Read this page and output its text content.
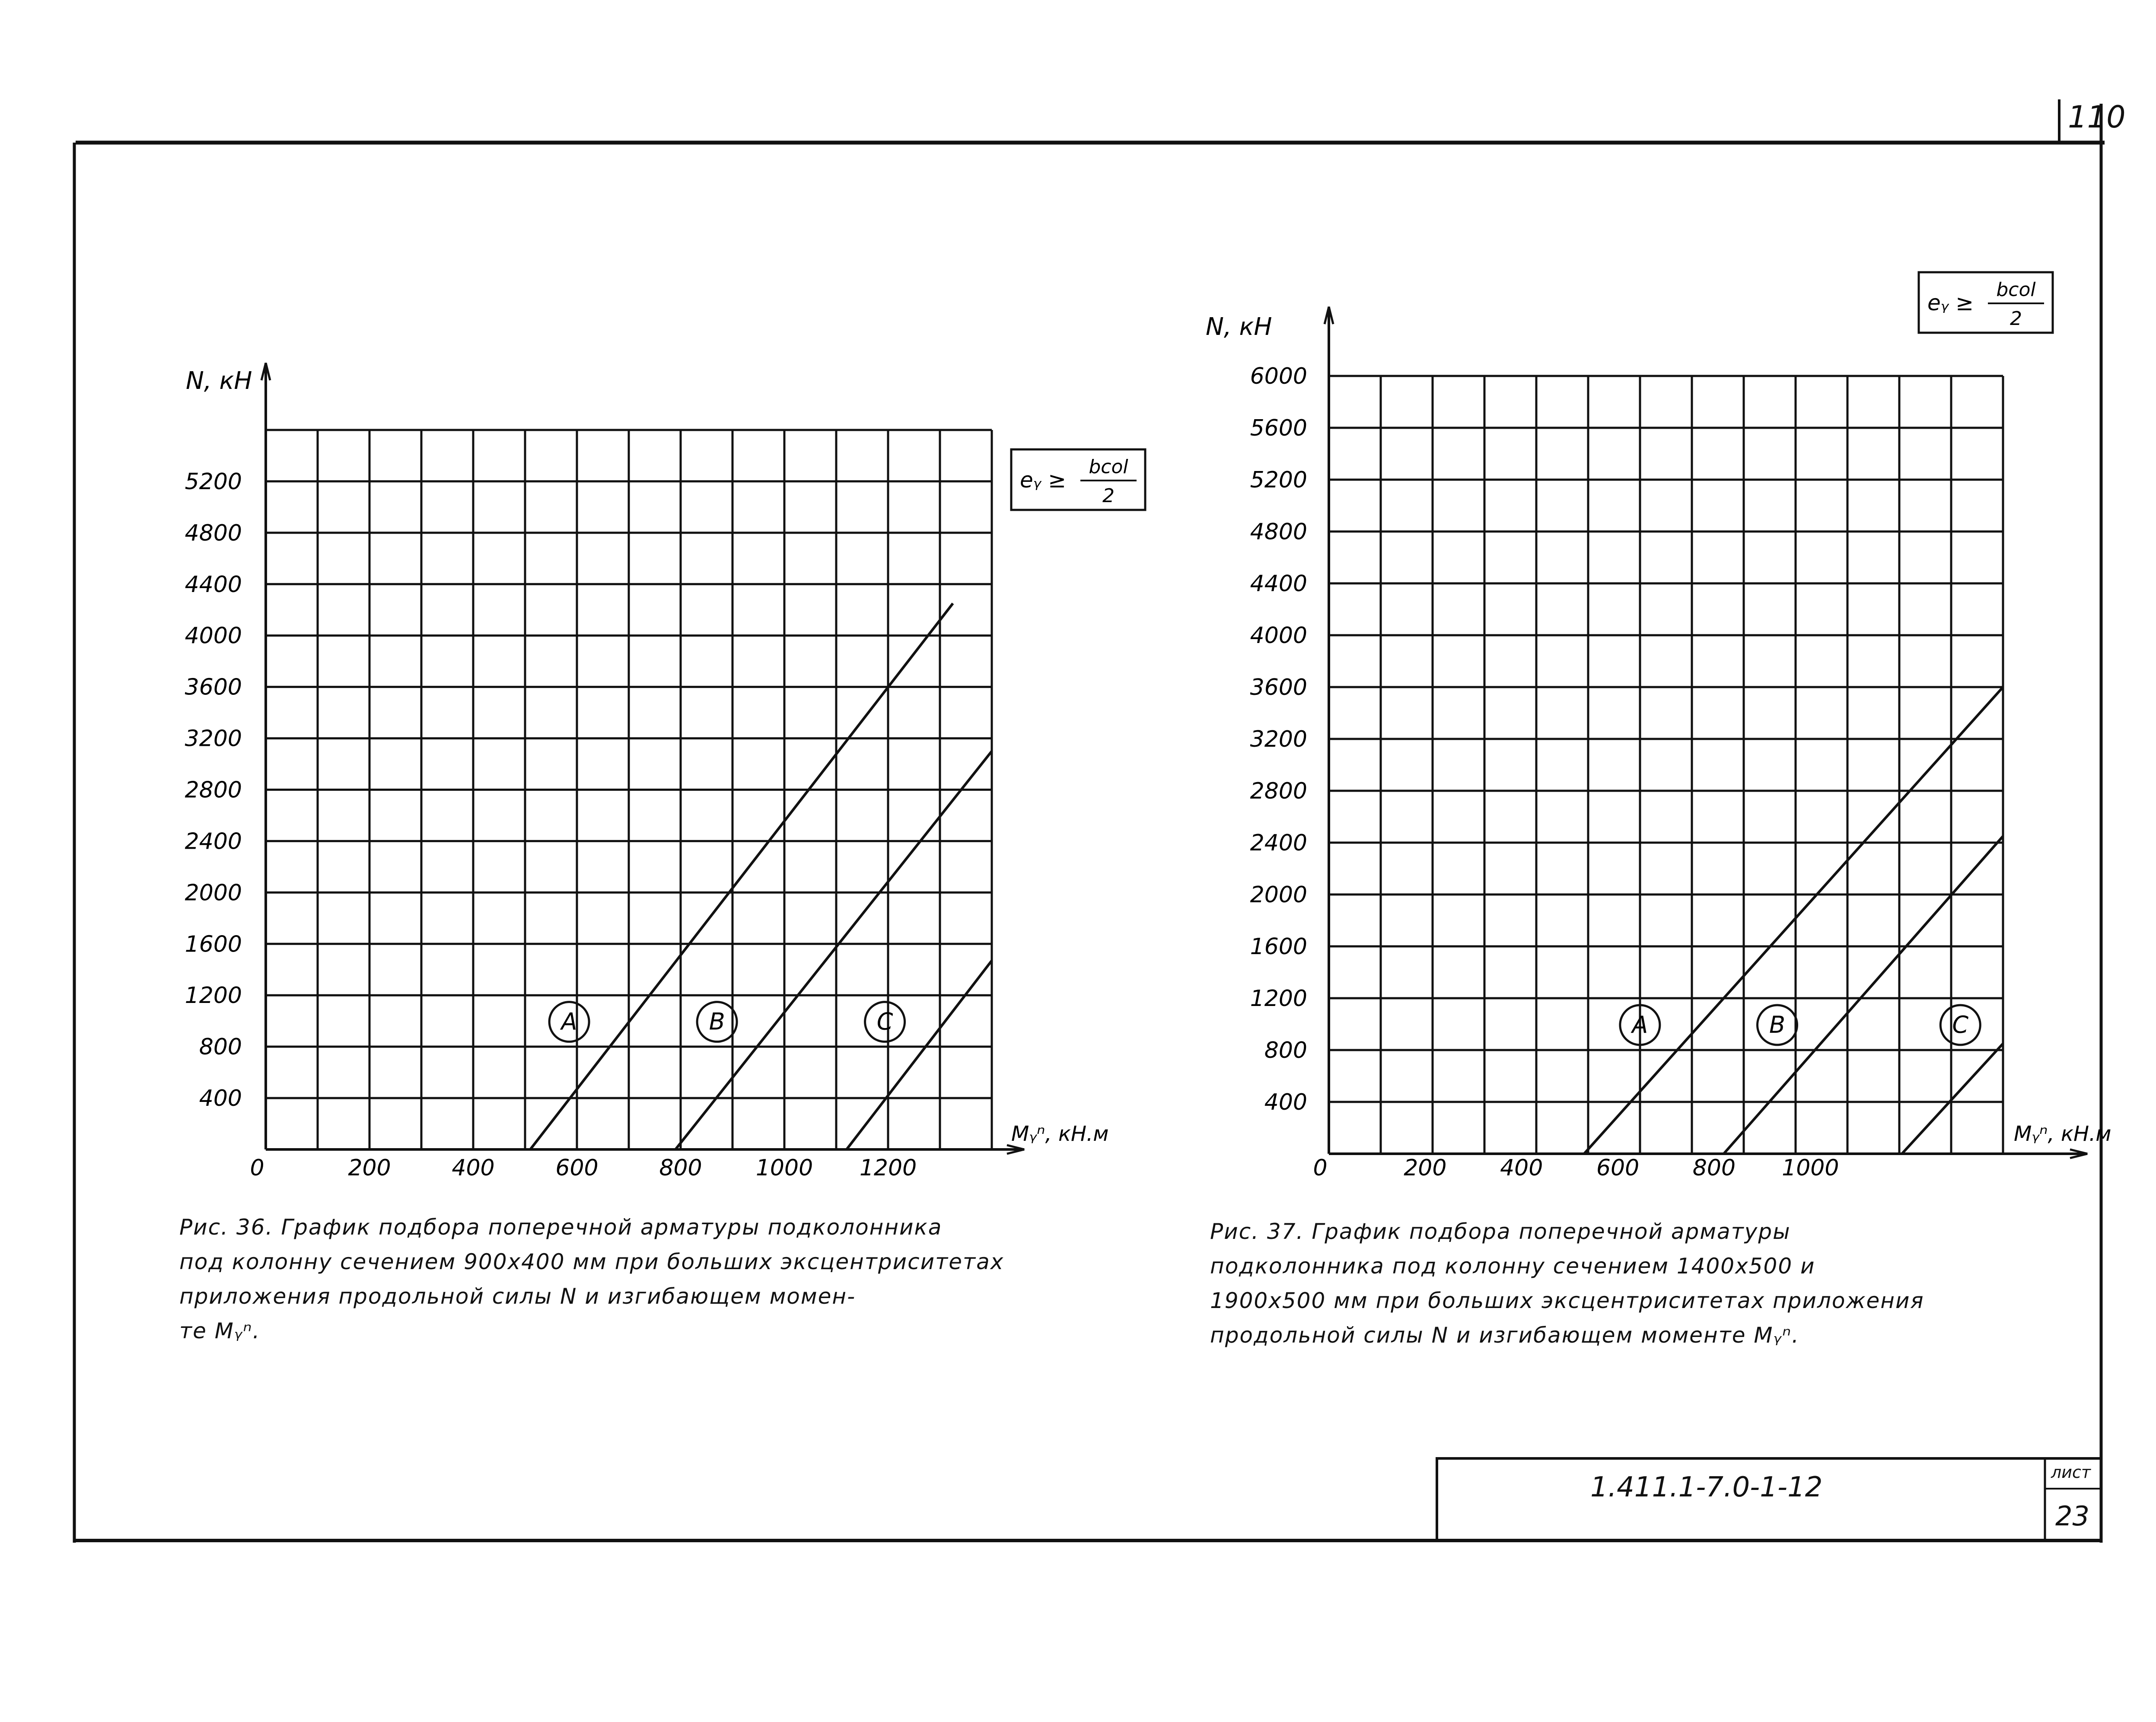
400
800
1200
1600
2000
2400
2800
3200
3600
4000
4400
4800
5200
0	200	400	600	800 1000 1200
N, кН
Mᵧⁿ, кН.м
A	B	C
eᵧ ≥
bcol
2
400
800
1200
1600
2000
2400
2800
3200
3600
4000
4400
4800
5200
5600
6000
0	200 400 600 800 1000
N, кН
Mᵧⁿ, кН.м
A	B	C
eᵧ ≥
bcol
2
110
1.411.1-7.0-1-12	лист
23
Рис. 36. График подбора поперечной арматуры подколонника
под колонну сечением 900x400 мм при больших эксцентриситетах
приложения продольной силы N и изгибающем момен-
те Mᵧⁿ.
Рис. 37. График подбора поперечной арматуры
подколонника под колонну сечением 1400x500 и
1900x500 мм при больших эксцентриситетах приложения
продольной силы N и изгибающем моменте Mᵧⁿ.
